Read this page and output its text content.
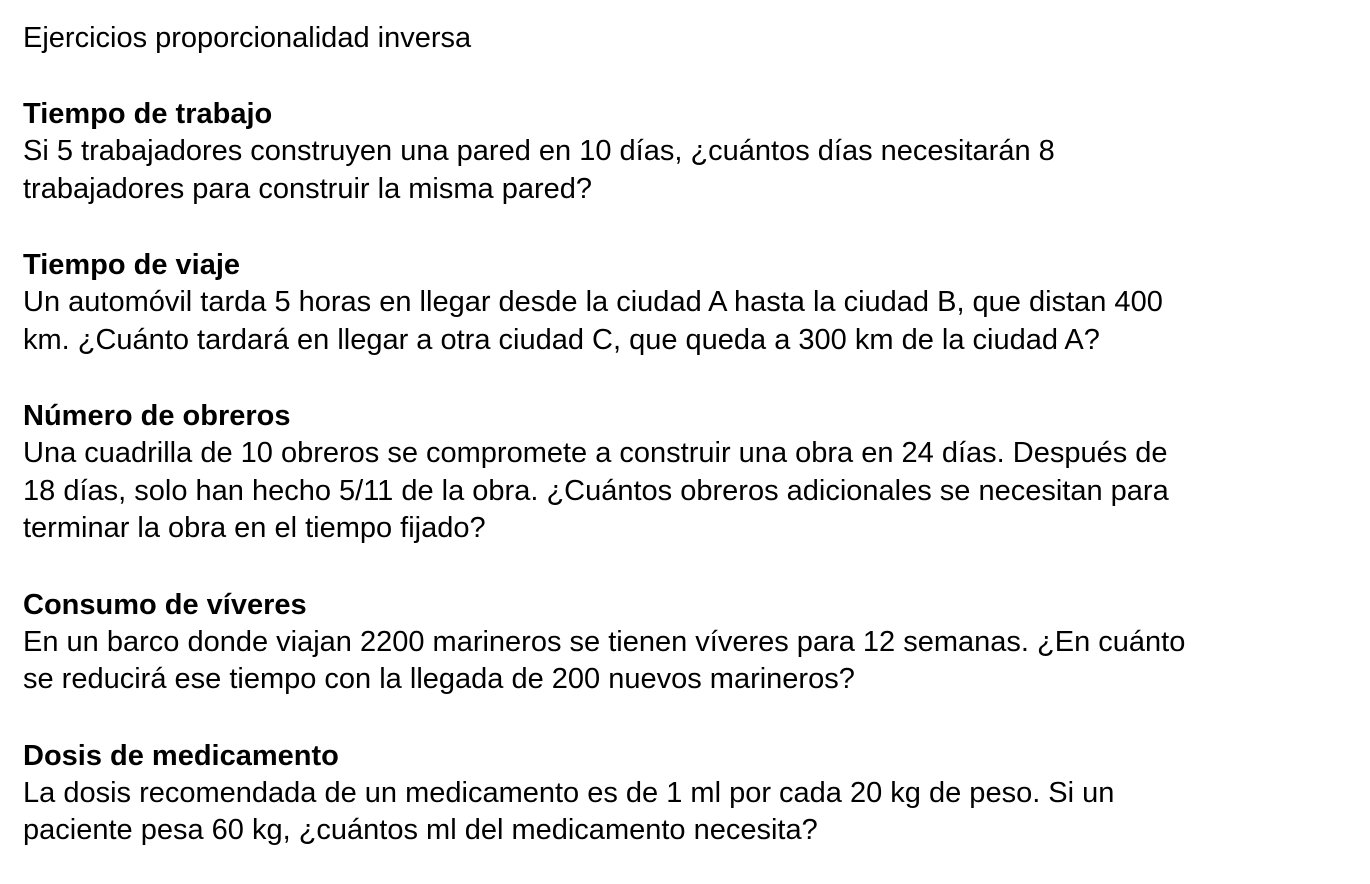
Ejercicios proporcionalidad inversa
Tiempo de trabajo
Si 5 trabajadores construyen una pared en 10 días, ¿cuántos días necesitarán 8
trabajadores para construir la misma pared?
Tiempo de viaje
Un automóvil tarda 5 horas en llegar desde la ciudad A hasta la ciudad B, que distan 400
km. ¿Cuánto tardará en llegar a otra ciudad C, que queda a 300 km de la ciudad A?
Número de obreros
Una cuadrilla de 10 obreros se compromete a construir una obra en 24 días. Después de
18 días, solo han hecho 5/11 de la obra. ¿Cuántos obreros adicionales se necesitan para
terminar la obra en el tiempo fijado?
Consumo de víveres
En un barco donde viajan 2200 marineros se tienen víveres para 12 semanas. ¿En cuánto
se reducirá ese tiempo con la llegada de 200 nuevos marineros?
Dosis de medicamento
La dosis recomendada de un medicamento es de 1 ml por cada 20 kg de peso. Si un
paciente pesa 60 kg, ¿cuántos ml del medicamento necesita?
